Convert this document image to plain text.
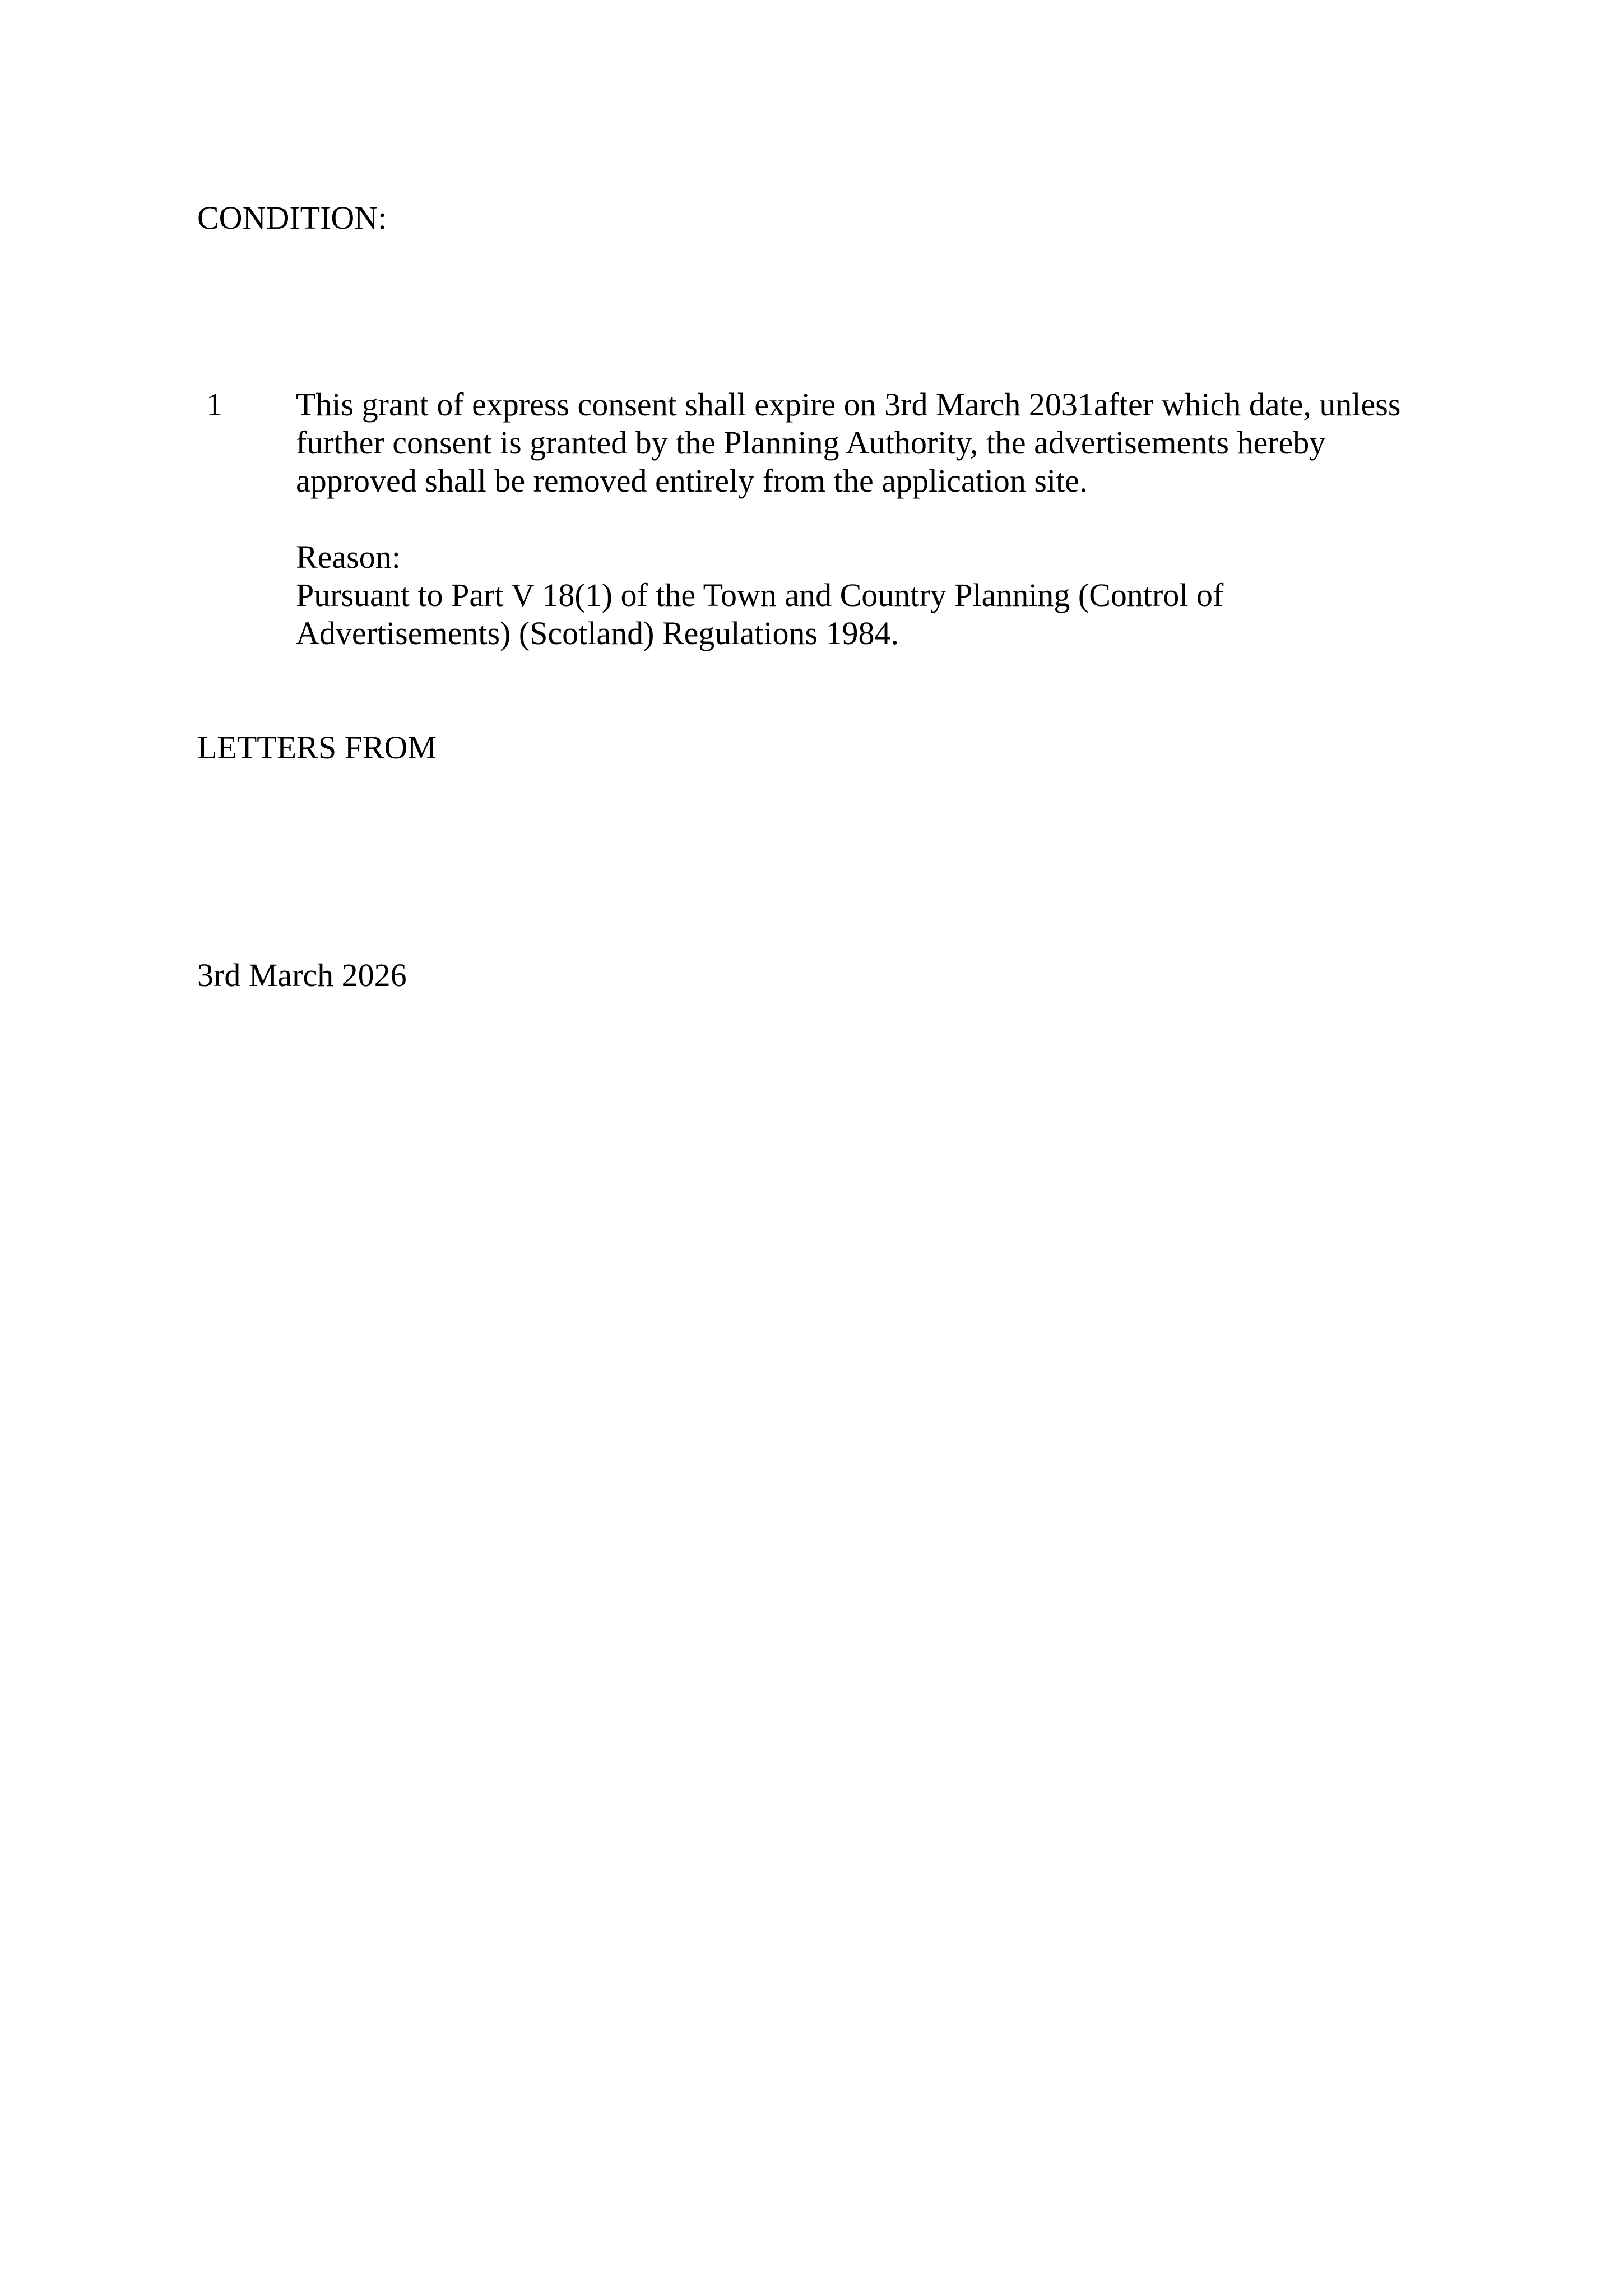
CONDITION:

1 This grant of express consent shall expire on 3rd March 2031after which date, unless
further consent is granted by the Planning Authority, the advertisements hereby
approved shall be removed entirely from the application site.

Reason:

Pursuant to Part V 18(1) of the Town and Country Planning (Control of
Advertisements) (Scotland) Regulations 1984.

LETTERS FROM

3rd March 2026
